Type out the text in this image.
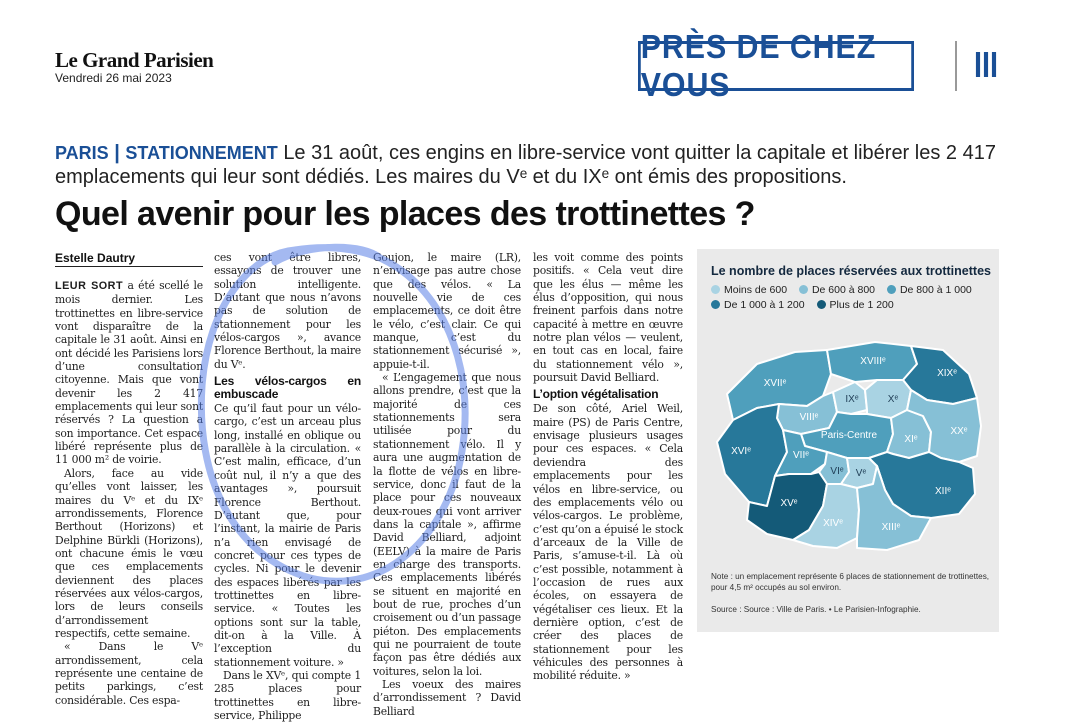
Le Grand Parisien
Vendredi 26 mai 2023
PRÈS DE CHEZ VOUS	III
PARIS | STATIONNEMENT Le 31 août, ces engins en libre-service vont quitter la capitale et libérer les 2 417 emplacements qui leur sont dédiés. Les maires du Vᵉ et du IXᵉ ont émis des propositions.
Quel avenir pour les places des trottinettes ?
Estelle Dautry

LEUR SORT a été scellé le mois dernier. Les trottinettes en libre-service vont disparaître de la capitale le 31 août. Ainsi en ont décidé les Parisiens lors d’une consultation citoyenne. Mais que vont devenir les 2 417 emplacements qui leur sont réservés ? La question a son importance. Cet espace libéré représente plus de 11 000 m² de voirie.

Alors, face au vide qu’elles vont laisser, les maires du Vᵉ et du IXᵉ arrondissements, Florence Berthout (Horizons) et Delphine Bürkli (Horizons), ont chacune émis le vœu que ces emplacements deviennent des places réservées aux vélos-cargos, lors de leurs conseils d’arrondissement respectifs, cette semaine.

« Dans le Vᵉ arrondissement, cela représente une centaine de petits parkings, c’est considérable. Ces espa-

ces vont être libres, essayons de trouver une solution intelligente. D’autant que nous n’avons pas de solution de stationnement pour les vélos-cargos », avance Florence Berthout, la maire du Vᵉ.

Les vélos-cargos en embuscade

Ce qu’il faut pour un vélo-cargo, c’est un arceau plus long, installé en oblique ou parallèle à la circulation. « C’est malin, efficace, d’un coût nul, il n’y a que des avantages », poursuit Florence Berthout. D’autant que, pour l’instant, la mairie de Paris n’a rien envisagé de concret pour ces types de cycles. Ni pour le devenir des espaces libérés par les trottinettes en libre-service. « Toutes les options sont sur la table, dit-on à la Ville. À l’exception du stationnement voiture. »

Dans le XVᵉ, qui compte 1 285 places pour trottinettes en libre-service, Philippe

Goujon, le maire (LR), n’envisage pas autre chose que des vélos. « La nouvelle vie de ces emplacements, ce doit être le vélo, c’est clair. Ce qui manque, c’est du stationnement sécurisé », appuie-t-il.

« L’engagement que nous allons prendre, c’est que la majorité de ces stationnements sera utilisée pour du stationnement vélo. Il y aura une augmentation de la flotte de vélos en libre-service, donc il faut de la place pour ces nouveaux deux-roues qui vont arriver dans la capitale », affirme David Belliard, adjoint (EELV) à la maire de Paris en charge des transports. Ces emplacements libérés se situent en majorité en bout de rue, proches d’un croisement ou d’un passage piéton. Des emplacements qui ne pourraient de toute façon pas être dédiés aux voitures, selon la loi.

Les voeux des maires d’arrondissement ? David Belliard

les voit comme des points positifs. « Cela veut dire que les élus — même les élus d’opposition, qui nous freinent parfois dans notre capacité à mettre en œuvre notre plan vélos — veulent, en tout cas en local, faire du stationnement vélo », poursuit David Belliard.

L’option végétalisation

De son côté, Ariel Weil, maire (PS) de Paris Centre, envisage plusieurs usages pour ces espaces. « Cela deviendra des emplacements pour les vélos en libre-service, ou des emplacements vélo ou vélos-cargos. Le problème, c’est qu’on a épuisé le stock d’arceaux de la Ville de Paris, s’amuse-t-il. Là où c’est possible, notamment à l’occasion de rues aux écoles, on essayera de végétaliser ces lieux. Et la dernière option, c’est de créer des places de stationnement pour les véhicules des personnes à mobilité réduite. »

Le nombre de places réservées aux trottinettes
Moins de 600 De 600 à 800 De 800 à 1 000 De 1 000 à 1 200 Plus de 1 200
XVIIᵉ
XVIIIᵉ
XIXᵉ
VIIIᵉ
IXᵉ	Xᵉ
XVIᵉ
Paris-Centre	XIᵉ
XXᵉ
VIIᵉ
VIᵉ Vᵉ
XVᵉ
XIIᵉ
XIVᵉ	XIIIᵉ
Note : un emplacement représente 6 places de stationnement de trottinettes, pour 4,5 m² occupés au sol environ.
Source : Source : Ville de Paris. • Le Parisien-Infographie.
